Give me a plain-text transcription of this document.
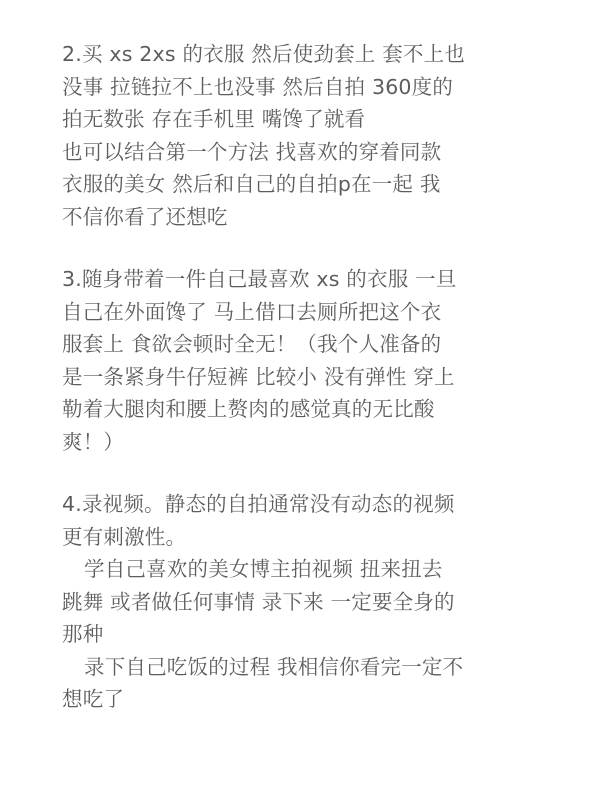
2.买 xs 2xs 的衣服 然后使劲套上 套不上也
没事 拉链拉不上也没事 然后自拍 360度的
拍无数张 存在手机里 嘴馋了就看
也可以结合第一个方法 找喜欢的穿着同款
衣服的美女 然后和自己的自拍p在一起 我
不信你看了还想吃
3.随身带着一件自己最喜欢 xs 的衣服 一旦
自己在外面馋了 马上借口去厕所把这个衣
服套上 食欲会顿时全无！（我个人准备的
是一条紧身牛仔短裤 比较小 没有弹性 穿上
勒着大腿肉和腰上赘肉的感觉真的无比酸
爽！）
4.录视频。静态的自拍通常没有动态的视频
更有刺激性。
学自己喜欢的美女博主拍视频 扭来扭去
跳舞 或者做任何事情 录下来 一定要全身的
那种
录下自己吃饭的过程 我相信你看完一定不
想吃了
